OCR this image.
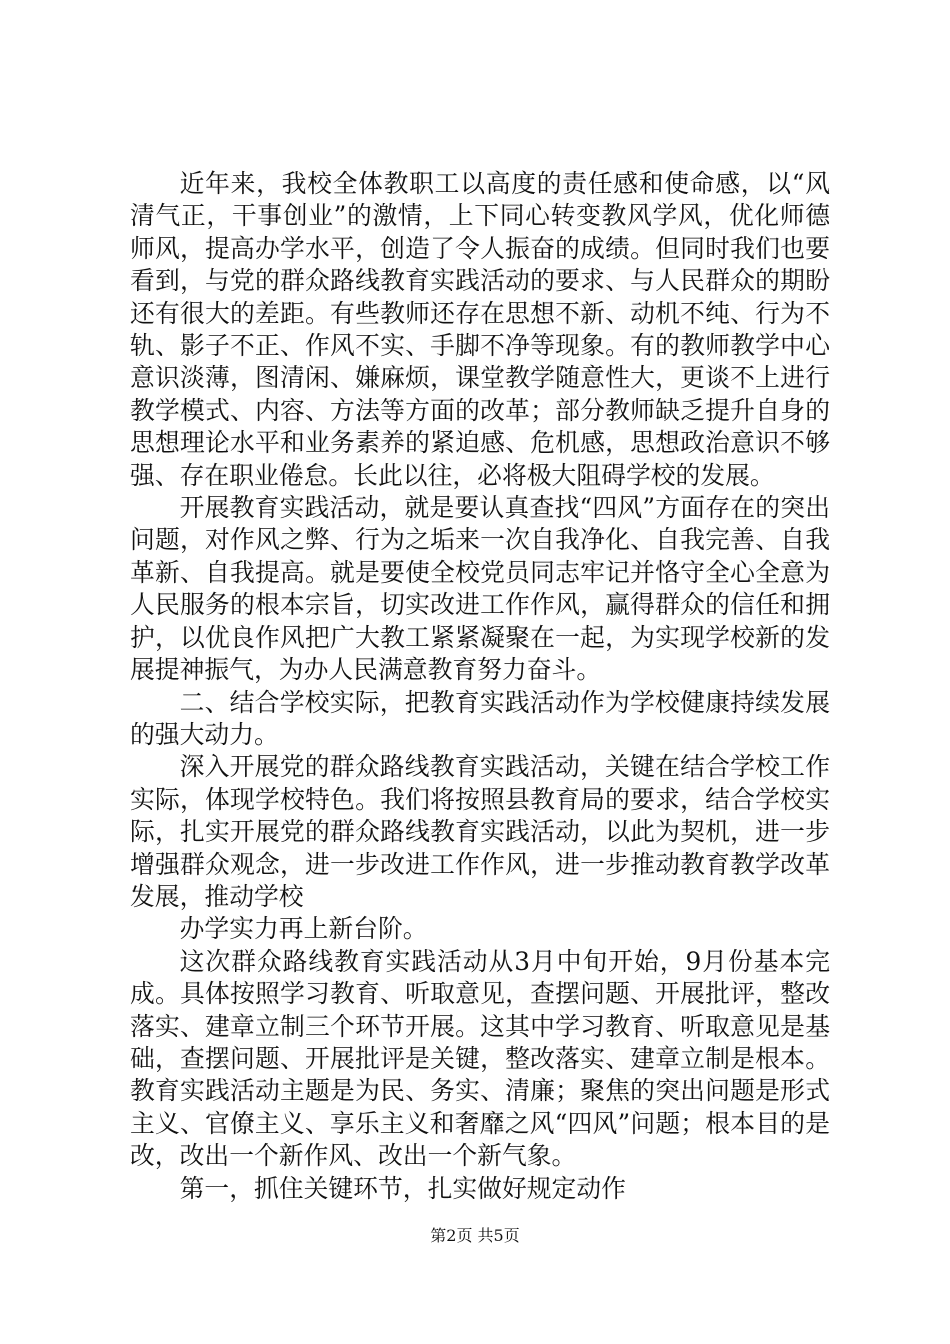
近年来，我校全体教职工以高度的责任感和使命感，以“风清气正，干事创业”的激情，上下同心转变教风学风，优化师德师风，提高办学水平，创造了令人振奋的成绩。但同时我们也要看到，与党的群众路线教育实践活动的要求、与人民群众的期盼还有很大的差距。有些教师还存在思想不新、动机不纯、行为不轨、影子不正、作风不实、手脚不净等现象。有的教师教学中心意识淡薄，图清闲、嫌麻烦，课堂教学随意性大，更谈不上进行教学模式、内容、方法等方面的改革；部分教师缺乏提升自身的思想理论水平和业务素养的紧迫感、危机感，思想政治意识不够强、存在职业倦怠。长此以往，必将极大阻碍学校的发展。

开展教育实践活动，就是要认真查找“四风”方面存在的突出问题，对作风之弊、行为之垢来一次自我净化、自我完善、自我革新、自我提高。就是要使全校党员同志牢记并恪守全心全意为人民服务的根本宗旨，切实改进工作作风，赢得群众的信任和拥护，以优良作风把广大教工紧紧凝聚在一起，为实现学校新的发展提神振气，为办人民满意教育努力奋斗。

二、结合学校实际，把教育实践活动作为学校健康持续发展的强大动力。

深入开展党的群众路线教育实践活动，关键在结合学校工作实际，体现学校特色。我们将按照县教育局的要求，结合学校实际，扎实开展党的群众路线教育实践活动，以此为契机，进一步增强群众观念，进一步改进工作作风，进一步推动教育教学改革发展，推动学校

办学实力再上新台阶。

这次群众路线教育实践活动从3月中旬开始，9月份基本完成。具体按照学习教育、听取意见，查摆问题、开展批评，整改落实、建章立制三个环节开展。这其中学习教育、听取意见是基础，查摆问题、开展批评是关键，整改落实、建章立制是根本。教育实践活动主题是为民、务实、清廉；聚焦的突出问题是形式主义、官僚主义、享乐主义和奢靡之风“四风”问题；根本目的是改，改出一个新作风、改出一个新气象。

第一，抓住关键环节，扎实做好规定动作

第2页 共5页
